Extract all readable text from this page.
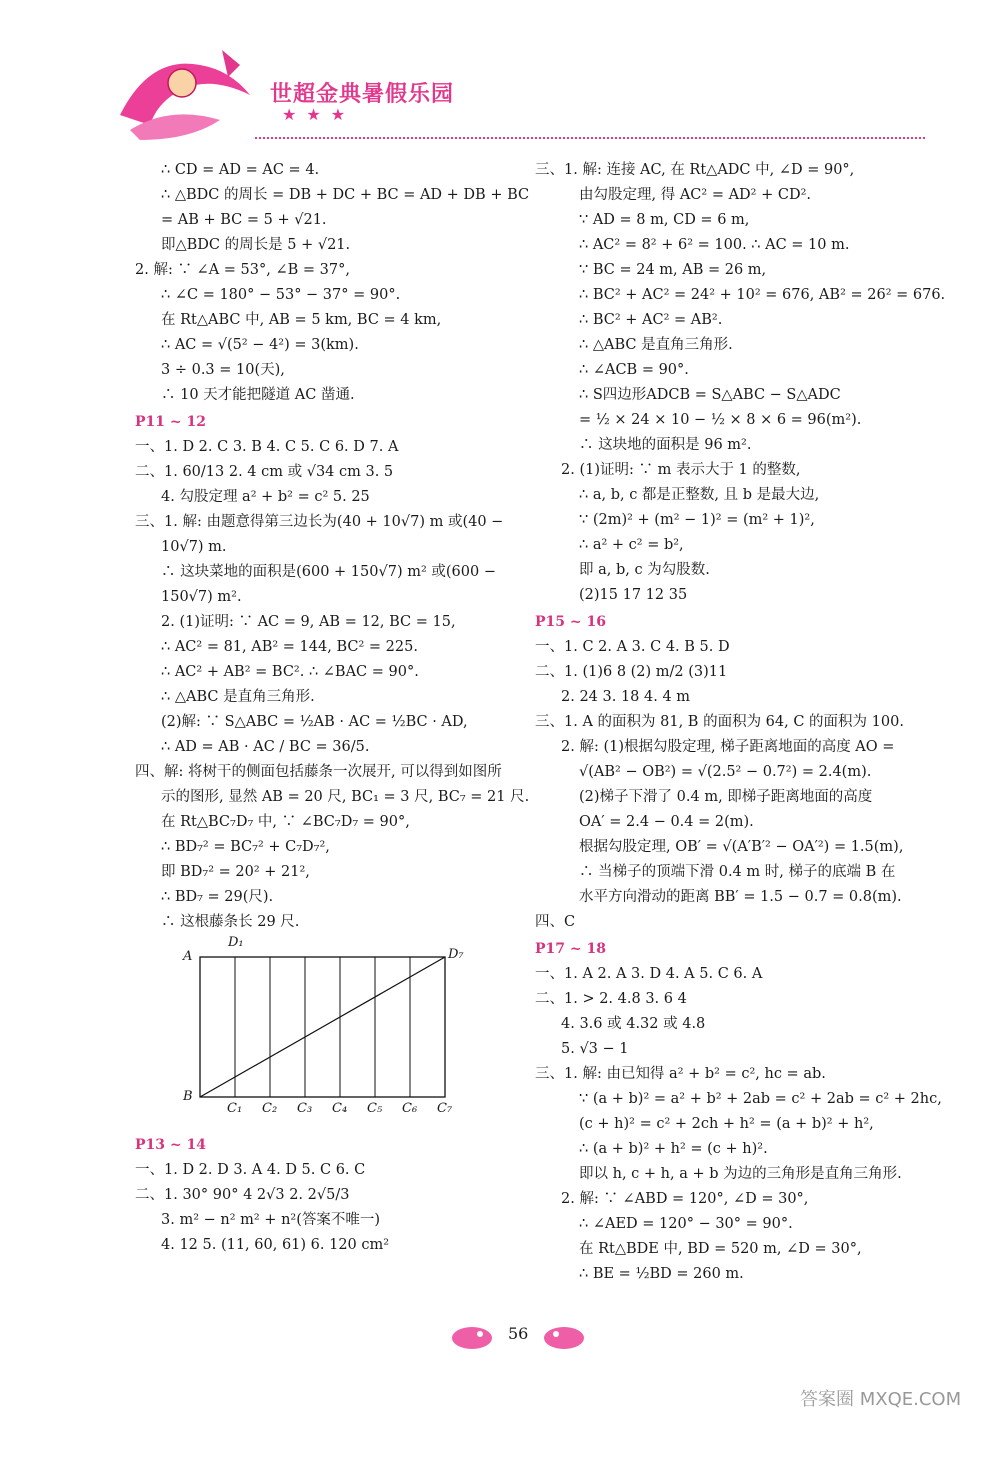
世超金典暑假乐园
★★★
∴ CD = AD = AC = 4.
∴ △BDC 的周长 = DB + DC + BC = AD + DB + BC
= AB + BC = 5 + √21.
即△BDC 的周长是 5 + √21.
2. 解: ∵ ∠A = 53°, ∠B = 37°,
∴ ∠C = 180° − 53° − 37° = 90°.
在 Rt△ABC 中, AB = 5 km, BC = 4 km,
∴ AC = √(5² − 4²) = 3(km).
3 ÷ 0.3 = 10(天),
∴ 10 天才能把隧道 AC 凿通.
P11 ~ 12
一、1. D 2. C 3. B 4. C 5. C 6. D 7. A
二、1. 60/13 2. 4 cm 或 √34 cm 3. 5
4. 勾股定理 a² + b² = c² 5. 25
三、1. 解: 由题意得第三边长为(40 + 10√7) m 或(40 −
10√7) m.
∴ 这块菜地的面积是(600 + 150√7) m² 或(600 −
150√7) m².
2. (1)证明: ∵ AC = 9, AB = 12, BC = 15,
∴ AC² = 81, AB² = 144, BC² = 225.
∴ AC² + AB² = BC². ∴ ∠BAC = 90°.
∴ △ABC 是直角三角形.
(2)解: ∵ S△ABC = ½AB · AC = ½BC · AD,
∴ AD = AB · AC / BC = 36/5.
四、解: 将树干的侧面包括藤条一次展开, 可以得到如图所
示的图形, 显然 AB = 20 尺, BC₁ = 3 尺, BC₇ = 21 尺.
在 Rt△BC₇D₇ 中, ∵ ∠BC₇D₇ = 90°,
∴ BD₇² = BC₇² + C₇D₇²,
即 BD₇² = 20² + 21²,
∴ BD₇ = 29(尺).
∴ 这根藤条长 29 尺.
A
D₁
D₇
B
C₁ C₂ C₃ C₄ C₅ C₆ C₇
P13 ~ 14
一、1. D 2. D 3. A 4. D 5. C 6. C
二、1. 30° 90° 4 2√3 2. 2√5/3
3. m² − n² m² + n²(答案不唯一)
4. 12 5. (11, 60, 61) 6. 120 cm²
三、1. 解: 连接 AC, 在 Rt△ADC 中, ∠D = 90°,
由勾股定理, 得 AC² = AD² + CD².
∵ AD = 8 m, CD = 6 m,
∴ AC² = 8² + 6² = 100. ∴ AC = 10 m.
∵ BC = 24 m, AB = 26 m,
∴ BC² + AC² = 24² + 10² = 676, AB² = 26² = 676.
∴ BC² + AC² = AB².
∴ △ABC 是直角三角形.
∴ ∠ACB = 90°.
∴ S四边形ADCB = S△ABC − S△ADC
= ½ × 24 × 10 − ½ × 8 × 6 = 96(m²).
∴ 这块地的面积是 96 m².
2. (1)证明: ∵ m 表示大于 1 的整数,
∴ a, b, c 都是正整数, 且 b 是最大边,
∵ (2m)² + (m² − 1)² = (m² + 1)²,
∴ a² + c² = b²,
即 a, b, c 为勾股数.
(2)15 17 12 35
P15 ~ 16
一、1. C 2. A 3. C 4. B 5. D
二、1. (1)6 8 (2) m/2 (3)11
2. 24 3. 18 4. 4 m
三、1. A 的面积为 81, B 的面积为 64, C 的面积为 100.
2. 解: (1)根据勾股定理, 梯子距离地面的高度 AO =
√(AB² − OB²) = √(2.5² − 0.7²) = 2.4(m).
(2)梯子下滑了 0.4 m, 即梯子距离地面的高度
OA′ = 2.4 − 0.4 = 2(m).
根据勾股定理, OB′ = √(A′B′² − OA′²) = 1.5(m),
∴ 当梯子的顶端下滑 0.4 m 时, 梯子的底端 B 在
水平方向滑动的距离 BB′ = 1.5 − 0.7 = 0.8(m).
四、C
P17 ~ 18
一、1. A 2. A 3. D 4. A 5. C 6. A
二、1. > 2. 4.8 3. 6 4
4. 3.6 或 4.32 或 4.8
5. √3 − 1
三、1. 解: 由已知得 a² + b² = c², hc = ab.
∵ (a + b)² = a² + b² + 2ab = c² + 2ab = c² + 2hc,
(c + h)² = c² + 2ch + h² = (a + b)² + h²,
∴ (a + b)² + h² = (c + h)².
即以 h, c + h, a + b 为边的三角形是直角三角形.
2. 解: ∵ ∠ABD = 120°, ∠D = 30°,
∴ ∠AED = 120° − 30° = 90°.
在 Rt△BDE 中, BD = 520 m, ∠D = 30°,
∴ BE = ½BD = 260 m.
56
答案圈 MXQE.COM
